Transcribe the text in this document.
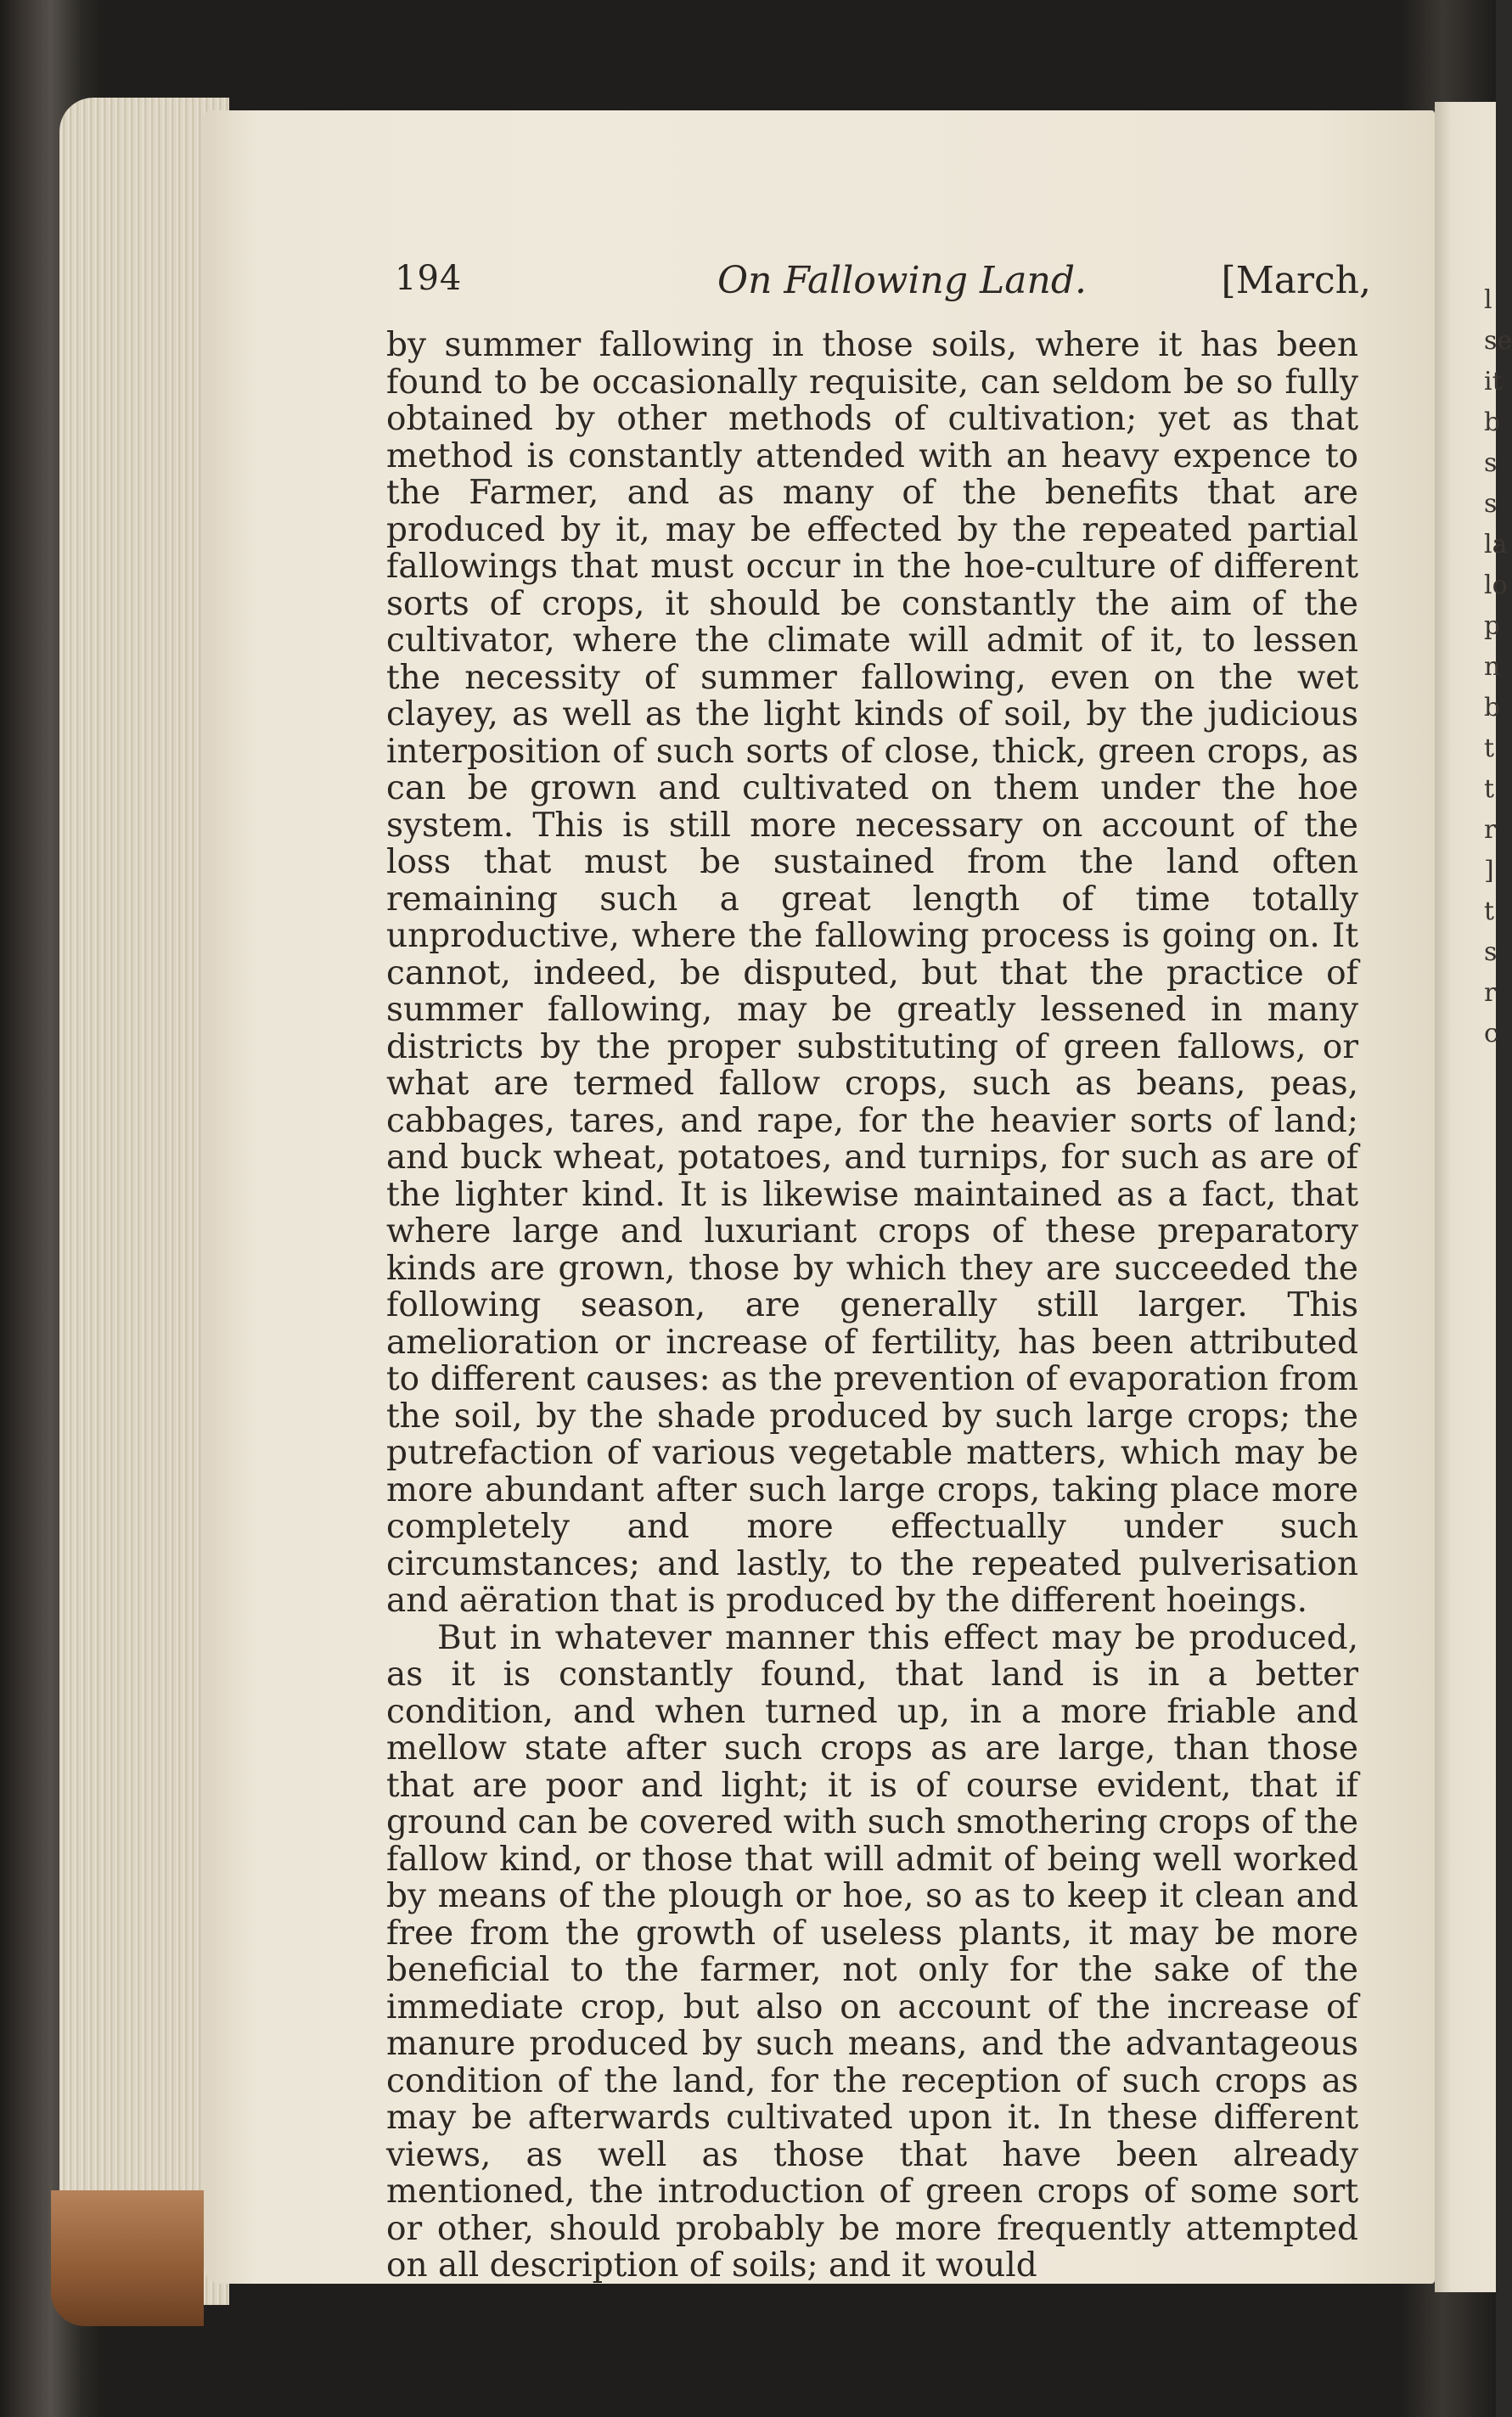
l
se
it
b
s
s
la
lo
p
n
b
t
t
r
]
t
s
r
c
194	On Fallowing Land.	[March,

by summer fallowing in those soils, where it has been found to be occasionally requisite, can seldom be so fully obtained by other methods of cultivation; yet as that method is constantly attended with an heavy expence to the Farmer, and as many of the benefits that are produced by it, may be effected by the repeated partial fallowings that must occur in the hoe-culture of different sorts of crops, it should be constantly the aim of the cultivator, where the climate will admit of it, to lessen the necessity of summer fallowing, even on the wet clayey, as well as the light kinds of soil, by the judicious interposition of such sorts of close, thick, green crops, as can be grown and cultivated on them under the hoe system. This is still more necessary on account of the loss that must be sustained from the land often remaining such a great length of time totally unproductive, where the fallowing process is going on. It cannot, indeed, be disputed, but that the practice of summer fallowing, may be greatly lessened in many districts by the proper substituting of green fallows, or what are termed fallow crops, such as beans, peas, cabbages, tares, and rape, for the heavier sorts of land; and buck wheat, potatoes, and turnips, for such as are of the lighter kind. It is likewise maintained as a fact, that where large and luxuriant crops of these preparatory kinds are grown, those by which they are succeeded the following season, are generally still larger. This amelioration or increase of fertility, has been attributed to different causes: as the prevention of evaporation from the soil, by the shade produced by such large crops; the putrefaction of various vegetable matters, which may be more abundant after such large crops, taking place more completely and more effectually under such circumstances; and lastly, to the repeated pulverisation and aëration that is produced by the different hoeings.

But in whatever manner this effect may be produced, as it is constantly found, that land is in a better condition, and when turned up, in a more friable and mellow state after such crops as are large, than those that are poor and light; it is of course evident, that if ground can be covered with such smothering crops of the fallow kind, or those that will admit of being well worked by means of the plough or hoe, so as to keep it clean and free from the growth of useless plants, it may be more beneficial to the farmer, not only for the sake of the immediate crop, but also on account of the increase of manure produced by such means, and the advantageous condition of the land, for the reception of such crops as may be afterwards cultivated upon it. In these different views, as well as those that have been already mentioned, the introduction of green crops of some sort or other, should probably be more frequently attempted on all description of soils; and it would
